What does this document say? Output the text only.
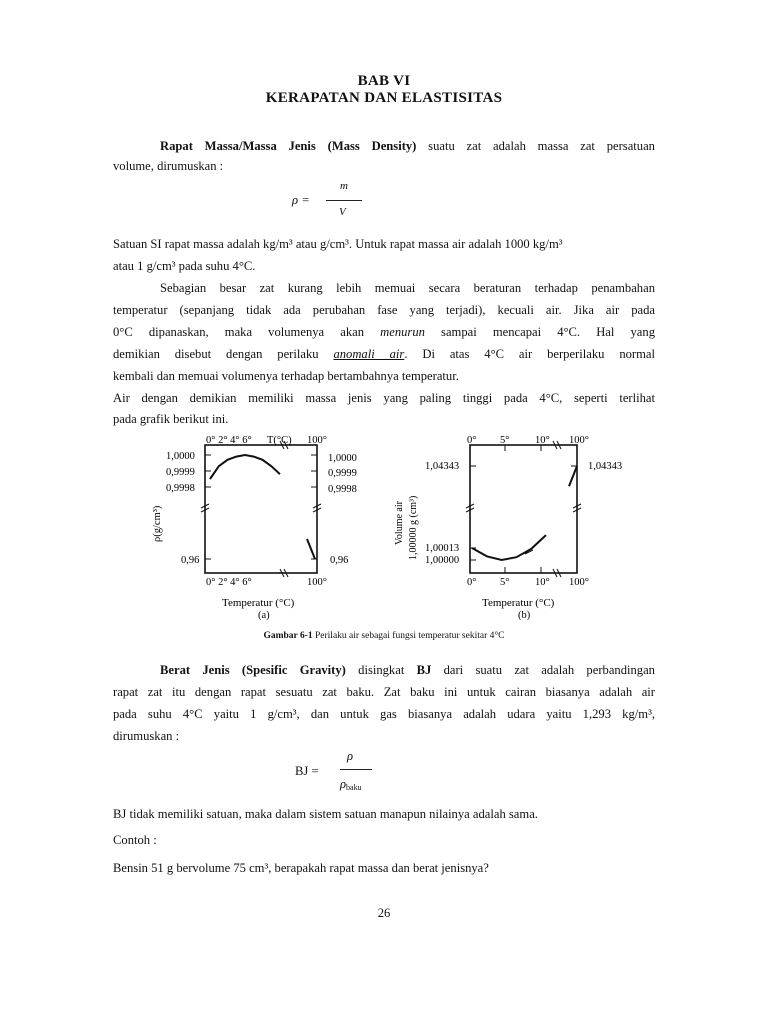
BAB VI
KERAPATAN DAN ELASTISITAS
Rapat Massa/Massa Jenis (Mass Density) suatu zat adalah massa zat persatuan
volume, dirumuskan :
ρ =
m
V
Satuan SI rapat massa adalah kg/m³ atau g/cm³. Untuk rapat massa air adalah 1000 kg/m³
atau 1 g/cm³ pada suhu 4°C.
Sebagian besar zat kurang lebih memuai secara beraturan terhadap penambahan
temperatur (sepanjang tidak ada perubahan fase yang terjadi), kecuali air. Jika air pada
0°C dipanaskan, maka volumenya akan menurun sampai mencapai 4°C. Hal yang
demikian disebut dengan perilaku anomali air. Di atas 4°C air berperilaku normal
kembali dan memuai volumenya terhadap bertambahnya temperatur.
Air dengan demikian memiliki massa jenis yang paling tinggi pada 4°C, seperti terlihat
pada grafik berikut ini.
0° 2° 4° 6° T(°C) 100°
0° 2° 4° 6°	100°
1,0000
0,9999
0,9998
0,96
1,0000
0,9999
0,9998
0,96
ρ(g/cm³)
Temperatur (°C)
(a)
0° 5° 10° 100°
0° 5° 10° 100°
1,04343
1,00013
1,00000
1,04343
Volume air 1,00000 g (cm³)
Temperatur (°C)
(b)
Gambar 6-1 Perilaku air sebagai fungsi temperatur sekitar 4°C
Berat Jenis (Spesific Gravity) disingkat BJ dari suatu zat adalah perbandingan
rapat zat itu dengan rapat sesuatu zat baku. Zat baku ini untuk cairan biasanya adalah air
pada suhu 4°C yaitu 1 g/cm³, dan untuk gas biasanya adalah udara yaitu 1,293 kg/m³,
dirumuskan :
BJ =
ρ
ρbaku
BJ tidak memiliki satuan, maka dalam sistem satuan manapun nilainya adalah sama.
Contoh :
Bensin 51 g bervolume 75 cm³, berapakah rapat massa dan berat jenisnya?
26
